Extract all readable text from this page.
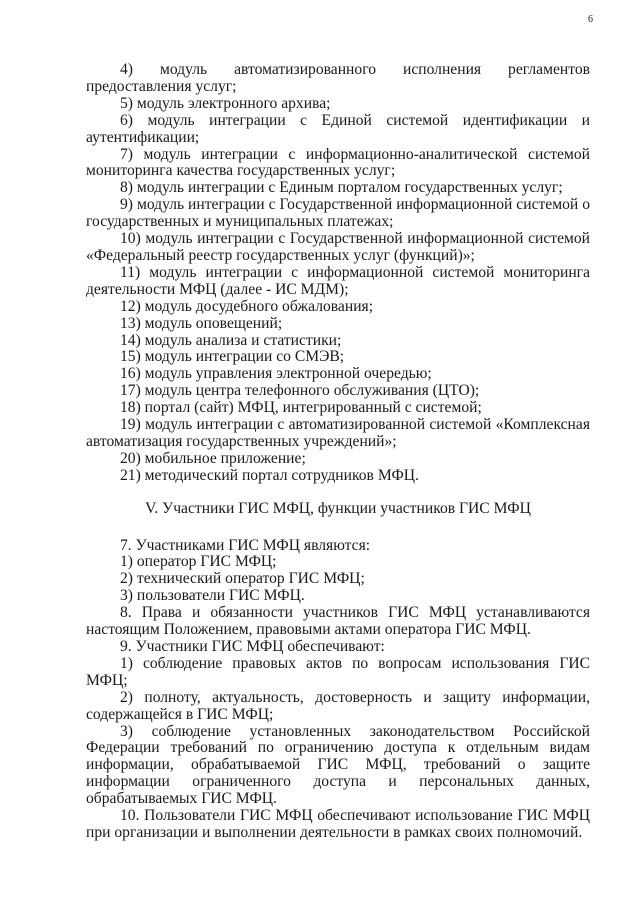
6
4) модуль автоматизированного исполнения регламентов предоставления услуг;
5) модуль электронного архива;
6) модуль интеграции с Единой системой идентификации и аутентификации;
7) модуль интеграции с информационно-аналитической системой мониторинга качества государственных услуг;
8) модуль интеграции с Единым порталом государственных услуг;
9) модуль интеграции с Государственной информационной системой о государственных и муниципальных платежах;
10) модуль интеграции с Государственной информационной системой «Федеральный реестр государственных услуг (функций)»;
11) модуль интеграции с информационной системой мониторинга деятельности МФЦ (далее - ИС МДМ);
12) модуль досудебного обжалования;
13) модуль оповещений;
14) модуль анализа и статистики;
15) модуль интеграции со СМЭВ;
16) модуль управления электронной очередью;
17) модуль центра телефонного обслуживания (ЦТО);
18) портал (сайт) МФЦ, интегрированный с системой;
19) модуль интеграции с автоматизированной системой «Комплексная автоматизация государственных учреждений»;
20) мобильное приложение;
21) методический портал сотрудников МФЦ.
V. Участники ГИС МФЦ, функции участников ГИС МФЦ
7. Участниками ГИС МФЦ являются:
1) оператор ГИС МФЦ;
2) технический оператор ГИС МФЦ;
3) пользователи ГИС МФЦ.
8. Права и обязанности участников ГИС МФЦ устанавливаются настоящим Положением, правовыми актами оператора ГИС МФЦ.
9. Участники ГИС МФЦ обеспечивают:
1) соблюдение правовых актов по вопросам использования ГИС МФЦ;
2) полноту, актуальность, достоверность и защиту информации, содержащейся в ГИС МФЦ;
3) соблюдение установленных законодательством Российской Федерации требований по ограничению доступа к отдельным видам информации, обрабатываемой ГИС МФЦ, требований о защите информации ограниченного доступа и персональных данных, обрабатываемых ГИС МФЦ.
10. Пользователи ГИС МФЦ обеспечивают использование ГИС МФЦ при организации и выполнении деятельности в рамках своих полномочий.
